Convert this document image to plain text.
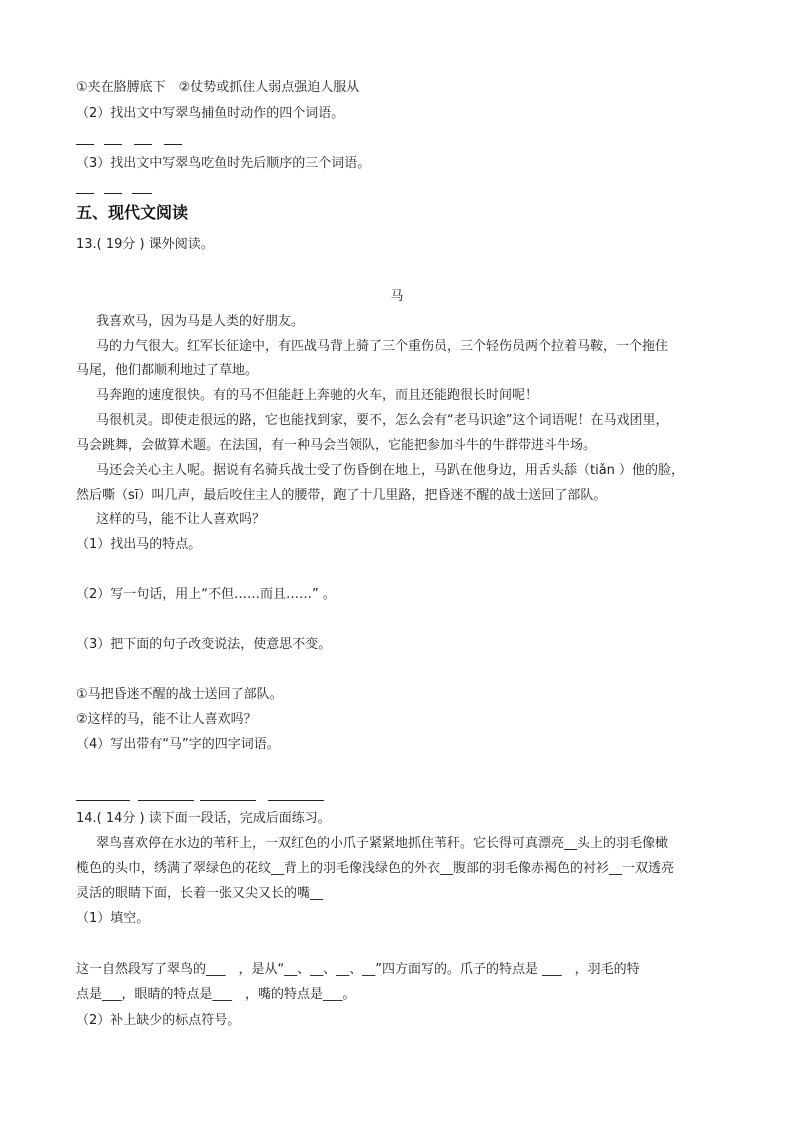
①夹在胳膊底下　②仗势或抓住人弱点强迫人服从
（2）找出文中写翠鸟捕鱼时动作的四个词语。
（3）找出文中写翠鸟吃鱼时先后顺序的三个词语。
五、现代文阅读
13.( 19分 ) 课外阅读。
马
我喜欢马，因为马是人类的好朋友。
马的力气很大。红军长征途中，有匹战马背上骑了三个重伤员，三个轻伤员两个拉着马鞍，一个拖住
马尾，他们都顺利地过了草地。
马奔跑的速度很快。有的马不但能赶上奔驰的火车，而且还能跑很长时间呢！
马很机灵。即使走很远的路，它也能找到家，要不，怎么会有“老马识途”这个词语呢！在马戏团里，
马会跳舞，会做算术题。在法国，有一种马会当领队，它能把参加斗牛的牛群带进斗牛场。
马还会关心主人呢。据说有名骑兵战士受了伤昏倒在地上，马趴在他身边，用舌头舔（tiǎn ）他的脸，
然后嘶（sī）叫几声，最后咬住主人的腰带，跑了十几里路，把昏迷不醒的战士送回了部队。
这样的马，能不让人喜欢吗？
（1）找出马的特点。
（2）写一句话，用上“不但……而且……” 。
（3）把下面的句子改变说法，使意思不变。
①马把昏迷不醒的战士送回了部队。
②这样的马，能不让人喜欢吗？
（4）写出带有“马”字的四字词语。
14.( 14分 ) 读下面一段话，完成后面练习。
翠鸟喜欢停在水边的苇秆上，一双红色的小爪子紧紧地抓住苇秆。它长得可真漂亮__头上的羽毛像橄
榄色的头巾，绣满了翠绿色的花纹__背上的羽毛像浅绿色的外衣__腹部的羽毛像赤褐色的衬衫__一双透亮
灵活的眼睛下面，长着一张又尖又长的嘴__
（1）填空。
这一自然段写了翠鸟的___　，是从“__、__、__、__”四方面写的。爪子的特点是 ___　，羽毛的特
点是___，眼睛的特点是___　，嘴的特点是___。
（2）补上缺少的标点符号。
